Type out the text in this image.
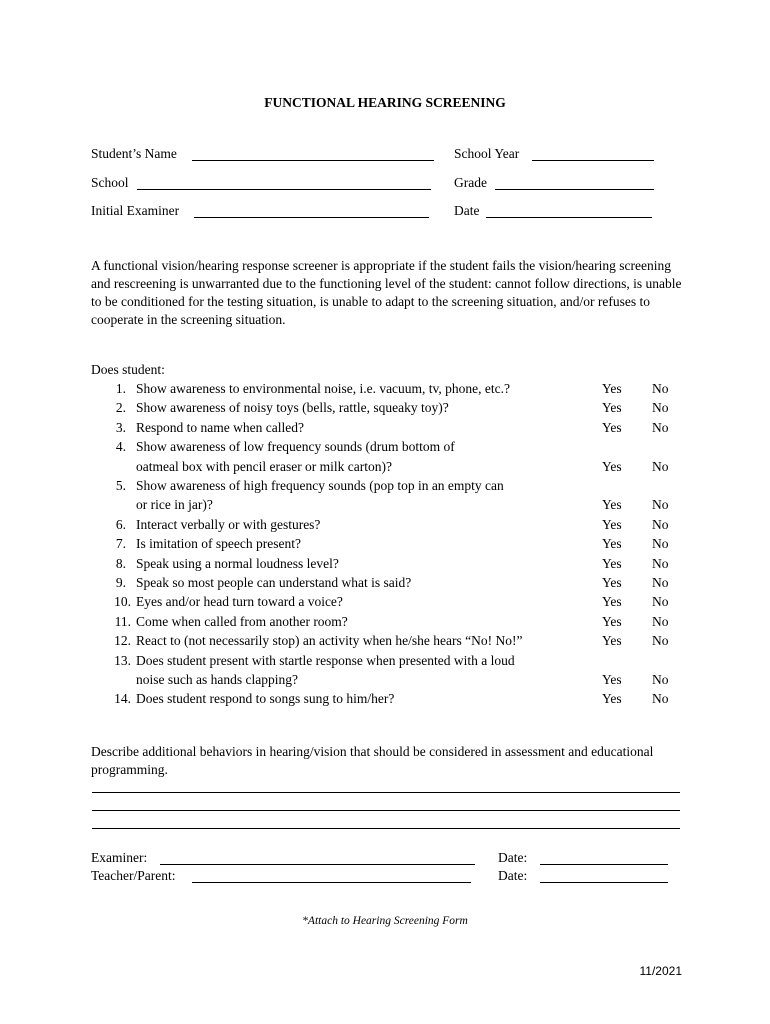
FUNCTIONAL HEARING SCREENING
Student’s Name	School Year
School	Grade
Initial Examiner	Date
A functional vision/hearing response screener is appropriate if the student fails the vision/hearing screening and rescreening is unwarranted due to the functioning level of the student: cannot follow directions, is unable to be conditioned for the testing situation, is unable to adapt to the screening situation, and/or refuses to cooperate in the screening situation.
Does student:
1. Show awareness to environmental noise, i.e. vacuum, tv, phone, etc.?	Yes No
2. Show awareness of noisy toys (bells, rattle, squeaky toy)?	Yes No
3. Respond to name when called?	Yes No
4. Show awareness of low frequency sounds (drum bottom of
oatmeal box with pencil eraser or milk carton)?	Yes No
5. Show awareness of high frequency sounds (pop top in an empty can
or rice in jar)?	Yes No
6. Interact verbally or with gestures?	Yes No
7. Is imitation of speech present?	Yes No
8. Speak using a normal loudness level?	Yes No
9. Speak so most people can understand what is said?	Yes No
10. Eyes and/or head turn toward a voice?	Yes No
11. Come when called from another room?	Yes No
12. React to (not necessarily stop) an activity when he/she hears “No! No!”	Yes No
13. Does student present with startle response when presented with a loud
noise such as hands clapping?	Yes No
14. Does student respond to songs sung to him/her?	Yes No
Describe additional behaviors in hearing/vision that should be considered in assessment and educational programming.
Examiner:	Date:
Teacher/Parent:	Date:
*Attach to Hearing Screening Form
11/2021
